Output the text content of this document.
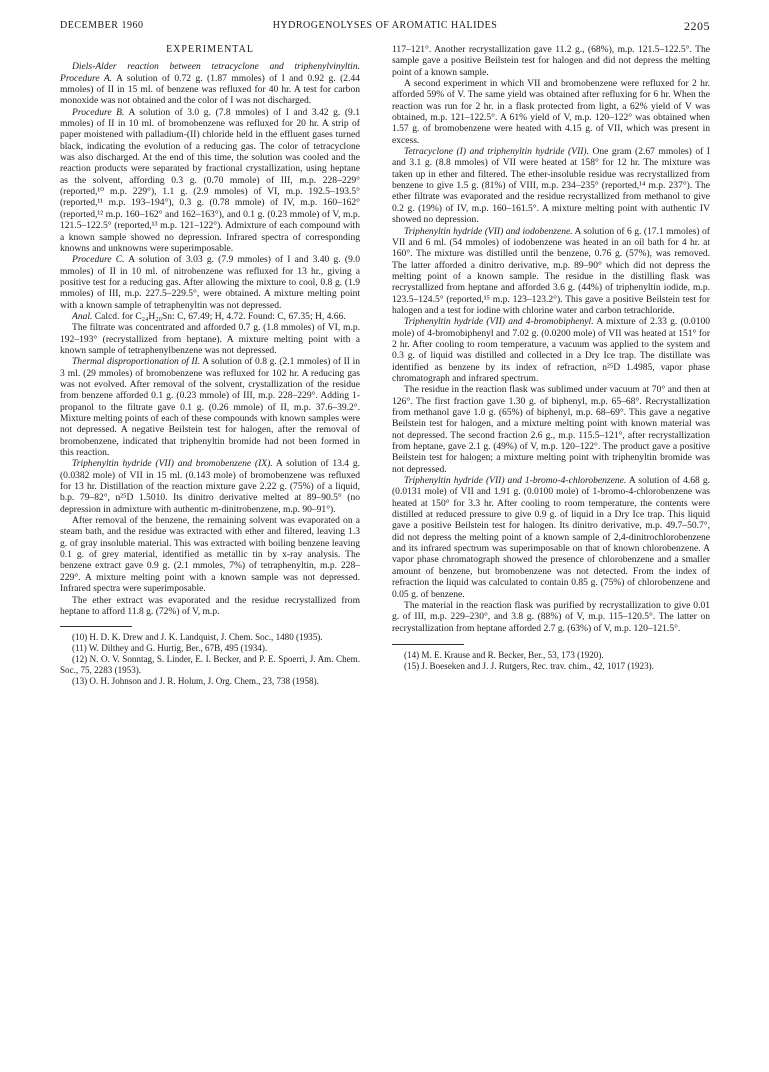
DECEMBER 1960	HYDROGENOLYSES OF AROMATIC HALIDES	2205
EXPERIMENTAL

Diels-Alder reaction between tetracyclone and triphenylvinyltin. Procedure A. A solution of 0.72 g. (1.87 mmoles) of I and 0.92 g. (2.44 mmoles) of II in 15 ml. of benzene was refluxed for 40 hr. A test for carbon monoxide was not obtained and the color of I was not discharged.

Procedure B. A solution of 3.0 g. (7.8 mmoles) of I and 3.42 g. (9.1 mmoles) of II in 10 ml. of bromobenzene was refluxed for 20 hr. A strip of paper moistened with palladium-(II) chloride held in the effluent gases turned black, indicating the evolution of a reducing gas. The color of tetracyclone was also discharged. At the end of this time, the solution was cooled and the reaction products were separated by fractional crystallization, using heptane as the solvent, affording 0.3 g. (0.70 mmole) of III, m.p. 228–229° (reported,¹⁰ m.p. 229°), 1.1 g. (2.9 mmoles) of VI, m.p. 192.5–193.5° (reported,¹¹ m.p. 193–194°), 0.3 g. (0.78 mmole) of IV, m.p. 160–162° (reported,¹² m.p. 160–162° and 162–163°), and 0.1 g. (0.23 mmole) of V, m.p. 121.5–122.5° (reported,¹³ m.p. 121–122°). Admixture of each compound with a known sample showed no depression. Infrared spectra of corresponding knowns and unknowns were superimposable.

Procedure C. A solution of 3.03 g. (7.9 mmoles) of I and 3.40 g. (9.0 mmoles) of II in 10 ml. of nitrobenzene was refluxed for 13 hr., giving a positive test for a reducing gas. After allowing the mixture to cool, 0.8 g. (1.9 mmoles) of III, m.p. 227.5–229.5°, were obtained. A mixture melting point with a known sample of tetraphenyltin was not depressed.

Anal. Calcd. for C₂₄H₂₀Sn: C, 67.49; H, 4.72. Found: C, 67.35; H, 4.66.

The filtrate was concentrated and afforded 0.7 g. (1.8 mmoles) of VI, m.p. 192–193° (recrystallized from heptane). A mixture melting point with a known sample of tetraphenylbenzene was not depressed.

Thermal disproportionation of II. A solution of 0.8 g. (2.1 mmoles) of II in 3 ml. (29 mmoles) of bromobenzene was refluxed for 102 hr. A reducing gas was not evolved. After removal of the solvent, crystallization of the residue from benzene afforded 0.1 g. (0.23 mmole) of III, m.p. 228–229°. Adding 1-propanol to the filtrate gave 0.1 g. (0.26 mmole) of II, m.p. 37.6–39.2°. Mixture melting points of each of these compounds with known samples were not depressed. A negative Beilstein test for halogen, after the removal of bromobenzene, indicated that triphenyltin bromide had not been formed in this reaction.

Triphenyltin hydride (VII) and bromobenzene (IX). A solution of 13.4 g. (0.0382 mole) of VII in 15 ml. (0.143 mole) of bromobenzene was refluxed for 13 hr. Distillation of the reaction mixture gave 2.22 g. (75%) of a liquid, b.p. 79–82°, n²⁵D 1.5010. Its dinitro derivative melted at 89–90.5° (no depression in admixture with authentic m-dinitrobenzene, m.p. 90–91°).

After removal of the benzene, the remaining solvent was evaporated on a steam bath, and the residue was extracted with ether and filtered, leaving 1.3 g. of gray insoluble material. This was extracted with boiling benzene leaving 0.1 g. of grey material, identified as metallic tin by x-ray analysis. The benzene extract gave 0.9 g. (2.1 mmoles, 7%) of tetraphenyltin, m.p. 228–229°. A mixture melting point with a known sample was not depressed. Infrared spectra were superimposable.

The ether extract was evaporated and the residue recrystallized from heptane to afford 11.8 g. (72%) of V, m.p.

(10) H. D. K. Drew and J. K. Landquist, J. Chem. Soc., 1480 (1935).

(11) W. Dilthey and G. Hurtig, Ber., 67B, 495 (1934).

(12) N. O. V. Sonntag, S. Linder, E. I. Becker, and P. E. Spoerri, J. Am. Chem. Soc., 75, 2283 (1953).

(13) O. H. Johnson and J. R. Holum, J. Org. Chem., 23, 738 (1958).

117–121°. Another recrystallization gave 11.2 g., (68%), m.p. 121.5–122.5°. The sample gave a positive Beilstein test for halogen and did not depress the melting point of a known sample.

A second experiment in which VII and bromobenzene were refluxed for 2 hr. afforded 59% of V. The same yield was obtained after refluxing for 6 hr. When the reaction was run for 2 hr. in a flask protected from light, a 62% yield of V was obtained, m.p. 121–122.5°. A 61% yield of V, m.p. 120–122° was obtained when 1.57 g. of bromobenzene were heated with 4.15 g. of VII, which was present in excess.

Tetracyclone (I) and triphenyltin hydride (VII). One gram (2.67 mmoles) of I and 3.1 g. (8.8 mmoles) of VII were heated at 158° for 12 hr. The mixture was taken up in ether and filtered. The ether-insoluble residue was recrystallized from benzene to give 1.5 g. (81%) of VIII, m.p. 234–235° (reported,¹⁴ m.p. 237°). The ether filtrate was evaporated and the residue recrystallized from methanol to give 0.2 g. (19%) of IV, m.p. 160–161.5°. A mixture melting point with authentic IV showed no depression.

Triphenyltin hydride (VII) and iodobenzene. A solution of 6 g. (17.1 mmoles) of VII and 6 ml. (54 mmoles) of iodobenzene was heated in an oil bath for 4 hr. at 160°. The mixture was distilled until the benzene, 0.76 g. (57%), was removed. The latter afforded a dinitro derivative, m.p. 89–90° which did not depress the melting point of a known sample. The residue in the distilling flask was recrystallized from heptane and afforded 3.6 g. (44%) of triphenyltin iodide, m.p. 123.5–124.5° (reported,¹⁵ m.p. 123–123.2°). This gave a positive Beilstein test for halogen and a test for iodine with chlorine water and carbon tetrachloride.

Triphenyltin hydride (VII) and 4-bromobiphenyl. A mixture of 2.33 g. (0.0100 mole) of 4-bromobiphenyl and 7.02 g. (0.0200 mole) of VII was heated at 151° for 2 hr. After cooling to room temperature, a vacuum was applied to the system and 0.3 g. of liquid was distilled and collected in a Dry Ice trap. The distillate was identified as benzene by its index of refraction, n²⁵D 1.4985, vapor phase chromatograph and infrared spectrum.

The residue in the reaction flask was sublimed under vacuum at 70° and then at 126°. The first fraction gave 1.30 g. of biphenyl, m.p. 65–68°. Recrystallization from methanol gave 1.0 g. (65%) of biphenyl, m.p. 68–69°. This gave a negative Beilstein test for halogen, and a mixture melting point with known material was not depressed. The second fraction 2.6 g., m.p. 115.5–121°, after recrystallization from heptane, gave 2.1 g. (49%) of V, m.p. 120–122°. The product gave a positive Beilstein test for halogen; a mixture melting point with triphenyltin bromide was not depressed.

Triphenyltin hydride (VII) and 1-bromo-4-chlorobenzene. A solution of 4.68 g. (0.0131 mole) of VII and 1.91 g. (0.0100 mole) of 1-bromo-4-chlorobenzene was heated at 150° for 3.3 hr. After cooling to room temperature, the contents were distilled at reduced pressure to give 0.9 g. of liquid in a Dry Ice trap. This liquid gave a positive Beilstein test for halogen. Its dinitro derivative, m.p. 49.7–50.7°, did not depress the melting point of a known sample of 2,4-dinitrochlorobenzene and its infrared spectrum was superimposable on that of known chlorobenzene. A vapor phase chromatograph showed the presence of chlorobenzene and a smaller amount of benzene, but bromobenzene was not detected. From the index of refraction the liquid was calculated to contain 0.85 g. (75%) of chlorobenzene and 0.05 g. of benzene.

The material in the reaction flask was purified by recrystallization to give 0.01 g. of III, m.p. 229–230°, and 3.8 g. (88%) of V, m.p. 115–120.5°. The latter on recrystallization from heptane afforded 2.7 g. (63%) of V, m.p. 120–121.5°.

(14) M. E. Krause and R. Becker, Ber., 53, 173 (1920).

(15) J. Boeseken and J. J. Rutgers, Rec. trav. chim., 42, 1017 (1923).
